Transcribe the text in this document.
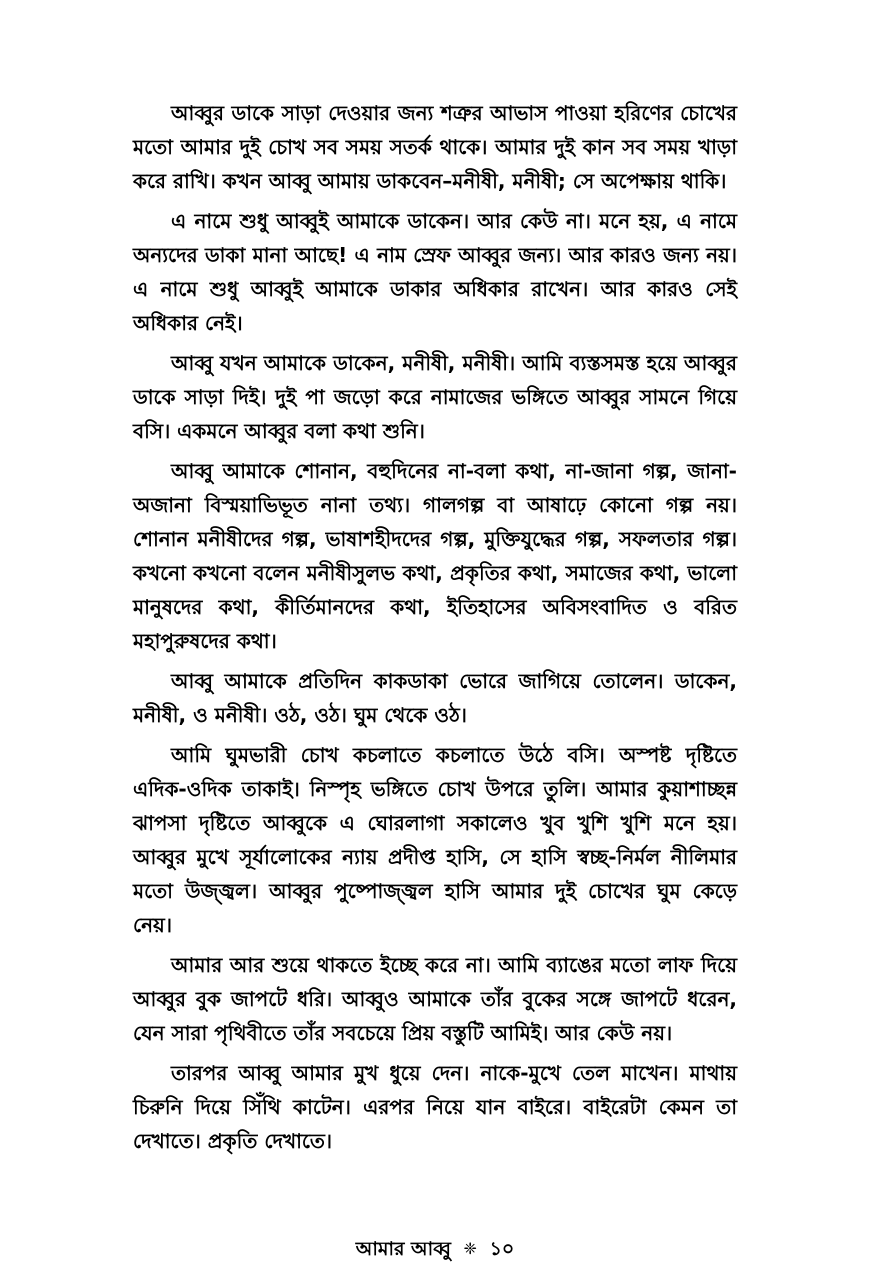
আব্বুর ডাকে সাড়া দেওয়ার জন্য শত্রুর আভাস পাওয়া হরিণের চোখের মতো আমার দুই চোখ সব সময় সতর্ক থাকে। আমার দুই কান সব সময় খাড়া করে রাখি। কখন আব্বু আমায় ডাকবেন–মনীষী, মনীষী; সে অপেক্ষায় থাকি।

এ নামে শুধু আব্বুই আমাকে ডাকেন। আর কেউ না। মনে হয়, এ নামে অন্যদের ডাকা মানা আছে! এ নাম স্রেফ আব্বুর জন্য। আর কারও জন্য নয়। এ নামে শুধু আব্বুই আমাকে ডাকার অধিকার রাখেন। আর কারও সেই অধিকার নেই।

আব্বু যখন আমাকে ডাকেন, মনীষী, মনীষী। আমি ব্যস্তসমস্ত হয়ে আব্বুর ডাকে সাড়া দিই। দুই পা জড়ো করে নামাজের ভঙ্গিতে আব্বুর সামনে গিয়ে বসি। একমনে আব্বুর বলা কথা শুনি।

আব্বু আমাকে শোনান, বহুদিনের না-বলা কথা, না-জানা গল্প, জানা-অজানা বিস্ময়াভিভূত নানা তথ্য। গালগল্প বা আষাঢ়ে কোনো গল্প নয়। শোনান মনীষীদের গল্প, ভাষাশহীদদের গল্প, মুক্তিযুদ্ধের গল্প, সফলতার গল্প। কখনো কখনো বলেন মনীষীসুলভ কথা, প্রকৃতির কথা, সমাজের কথা, ভালো মানুষদের কথা, কীর্তিমানদের কথা, ইতিহাসের অবিসংবাদিত ও বরিত মহাপুরুষদের কথা।

আব্বু আমাকে প্রতিদিন কাকডাকা ভোরে জাগিয়ে তোলেন। ডাকেন, মনীষী, ও মনীষী। ওঠ, ওঠ। ঘুম থেকে ওঠ।

আমি ঘুমভারী চোখ কচলাতে কচলাতে উঠে বসি। অস্পষ্ট দৃষ্টিতে এদিক-ওদিক তাকাই। নিস্পৃহ ভঙ্গিতে চোখ উপরে তুলি। আমার কুয়াশাচ্ছন্ন ঝাপসা দৃষ্টিতে আব্বুকে এ ঘোরলাগা সকালেও খুব খুশি খুশি মনে হয়। আব্বুর মুখে সূর্যালোকের ন্যায় প্রদীপ্ত হাসি, সে হাসি স্বচ্ছ-নির্মল নীলিমার মতো উজ্জ্বল। আব্বুর পুষ্পোজ্জ্বল হাসি আমার দুই চোখের ঘুম কেড়ে নেয়।

আমার আর শুয়ে থাকতে ইচ্ছে করে না। আমি ব্যাঙের মতো লাফ দিয়ে আব্বুর বুক জাপটে ধরি। আব্বুও আমাকে তাঁর বুকের সঙ্গে জাপটে ধরেন, যেন সারা পৃথিবীতে তাঁর সবচেয়ে প্রিয় বস্তুটি আমিই। আর কেউ নয়।

তারপর আব্বু আমার মুখ ধুয়ে দেন। নাকে-মুখে তেল মাখেন। মাথায় চিরুনি দিয়ে সিঁথি কাটেন। এরপর নিয়ে যান বাইরে। বাইরেটা কেমন তা দেখাতে। প্রকৃতি দেখাতে।

আমার আব্বু ❈ ১০
